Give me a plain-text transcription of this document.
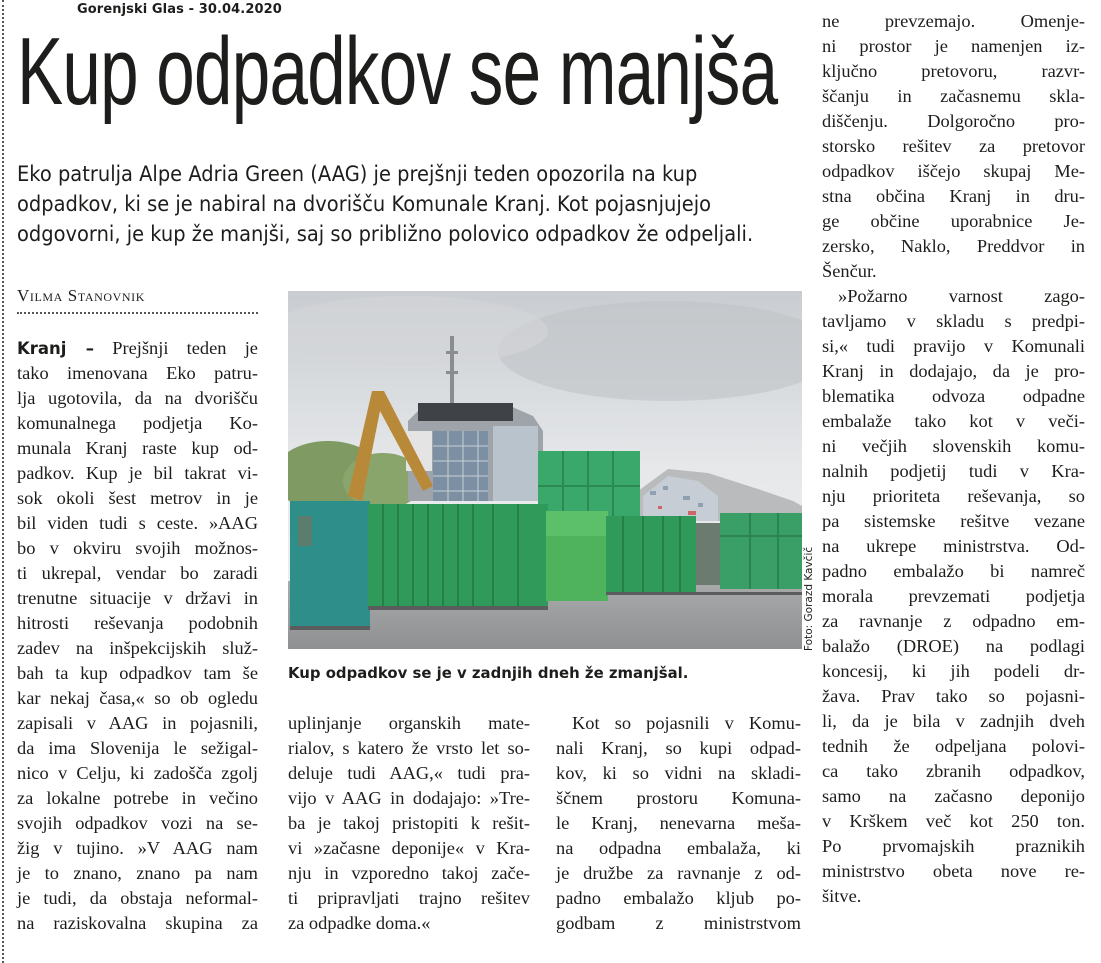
Gorenjski Glas - 30.04.2020
Kup odpadkov se manjša
Eko patrulja Alpe Adria Green (AAG) je prejšnji teden opozorila na kup
odpadkov, ki se je nabiral na dvorišču Komunale Kranj. Kot pojasnjujejo
odgovorni, je kup že manjši, saj so približno polovico odpadkov že odpeljali.
Vilma Stanovnik
Kranj – Prejšnji teden je
tako imenovana Eko patru-
lja ugotovila, da na dvorišču
komunalnega podjetja Ko-
munala Kranj raste kup od-
padkov. Kup je bil takrat vi-
sok okoli šest metrov in je
bil viden tudi s ceste. »AAG
bo v okviru svojih možnos-
ti ukrepal, vendar bo zaradi
trenutne situacije v državi in
hitrosti reševanja podobnih
zadev na inšpekcijskih služ-
bah ta kup odpadkov tam še
kar nekaj časa,« so ob ogledu
zapisali v AAG in pojasnili,
da ima Slovenija le sežigal-
nico v Celju, ki zadošča zgolj
za lokalne potrebe in večino
svojih odpadkov vozi na se-
žig v tujino. »V AAG nam
je to znano, znano pa nam
je tudi, da obstaja neformal-
na raziskovalna skupina za
Foto: Gorazd Kavčič
Kup odpadkov se je v zadnjih dneh že zmanjšal.
uplinjanje organskih mate-
rialov, s katero že vrsto let so-
deluje tudi AAG,« tudi pra-
vijo v AAG in dodajajo: »Tre-
ba je takoj pristopiti k rešit-
vi »začasne deponije« v Kra-
nju in vzporedno takoj zače-
ti pripravljati trajno rešitev
za odpadke doma.«
Kot so pojasnili v Komu-
nali Kranj, so kupi odpad-
kov, ki so vidni na skladi-
ščnem prostoru Komuna-
le Kranj, nenevarna meša-
na odpadna embalaža, ki
je družbe za ravnanje z od-
padno embalažo kljub po-
godbam z ministrstvom
ne prevzemajo. Omenje-
ni prostor je namenjen iz-
ključno pretovoru, razvr-
ščanju in začasnemu skla-
diščenju. Dolgoročno pro-
storsko rešitev za pretovor
odpadkov iščejo skupaj Me-
stna občina Kranj in dru-
ge občine uporabnice Je-
zersko, Naklo, Preddvor in
Šenčur.
»Požarno varnost zago-
tavljamo v skladu s predpi-
si,« tudi pravijo v Komunali
Kranj in dodajajo, da je pro-
blematika odvoza odpadne
embalaže tako kot v veči-
ni večjih slovenskih komu-
nalnih podjetij tudi v Kra-
nju prioriteta reševanja, so
pa sistemske rešitve vezane
na ukrepe ministrstva. Od-
padno embalažo bi namreč
morala prevzemati podjetja
za ravnanje z odpadno em-
balažo (DROE) na podlagi
koncesij, ki jih podeli dr-
žava. Prav tako so pojasni-
li, da je bila v zadnjih dveh
tednih že odpeljana polovi-
ca tako zbranih odpadkov,
samo na začasno deponijo
v Krškem več kot 250 ton.
Po prvomajskih praznikih
ministrstvo obeta nove re-
šitve.
